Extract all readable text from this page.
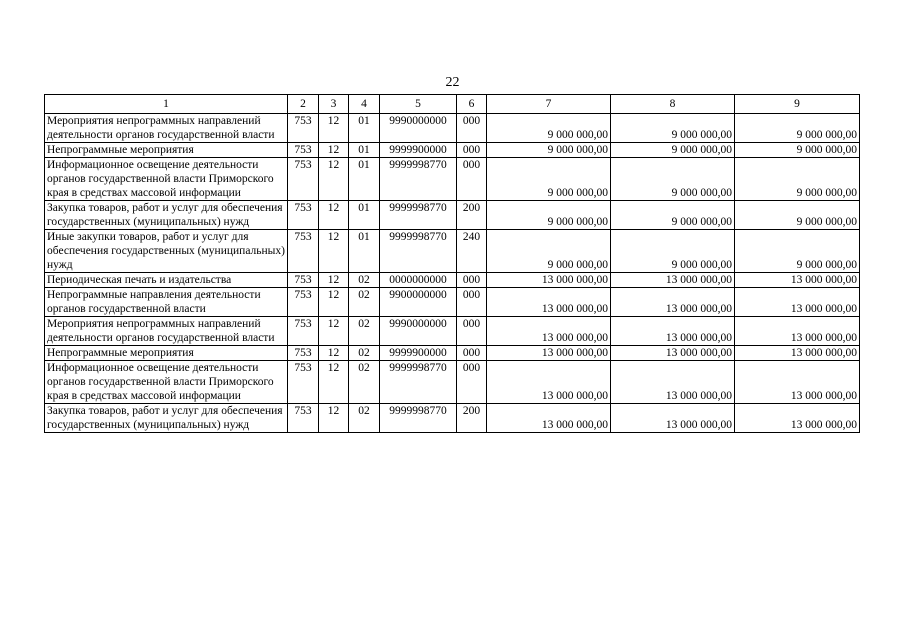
22
1	2	3	4	5	6	7	8	9
Мероприятия непрограммных направлений деятельности органов государственной власти	753	12	01	9990000000	000	9 000 000,00	9 000 000,00	9 000 000,00
Непрограммные мероприятия	753	12	01	9999900000	000	9 000 000,00	9 000 000,00	9 000 000,00
Информационное освещение деятельности органов государственной власти Приморского края в средствах массовой информации	753	12	01	9999998770	000	9 000 000,00	9 000 000,00	9 000 000,00
Закупка товаров, работ и услуг для обеспечения государственных (муниципальных) нужд	753	12	01	9999998770	200	9 000 000,00	9 000 000,00	9 000 000,00
Иные закупки товаров, работ и услуг для обеспечения государственных (муниципальных) нужд	753	12	01	9999998770	240	9 000 000,00	9 000 000,00	9 000 000,00
Периодическая печать и издательства	753	12	02	0000000000	000	13 000 000,00	13 000 000,00	13 000 000,00
Непрограммные направления деятельности органов государственной власти	753	12	02	9900000000	000	13 000 000,00	13 000 000,00	13 000 000,00
Мероприятия непрограммных направлений деятельности органов государственной власти	753	12	02	9990000000	000	13 000 000,00	13 000 000,00	13 000 000,00
Непрограммные мероприятия	753	12	02	9999900000	000	13 000 000,00	13 000 000,00	13 000 000,00
Информационное освещение деятельности органов государственной власти Приморского края в средствах массовой информации	753	12	02	9999998770	000	13 000 000,00	13 000 000,00	13 000 000,00
Закупка товаров, работ и услуг для обеспечения государственных (муниципальных) нужд	753	12	02	9999998770	200	13 000 000,00	13 000 000,00	13 000 000,00
